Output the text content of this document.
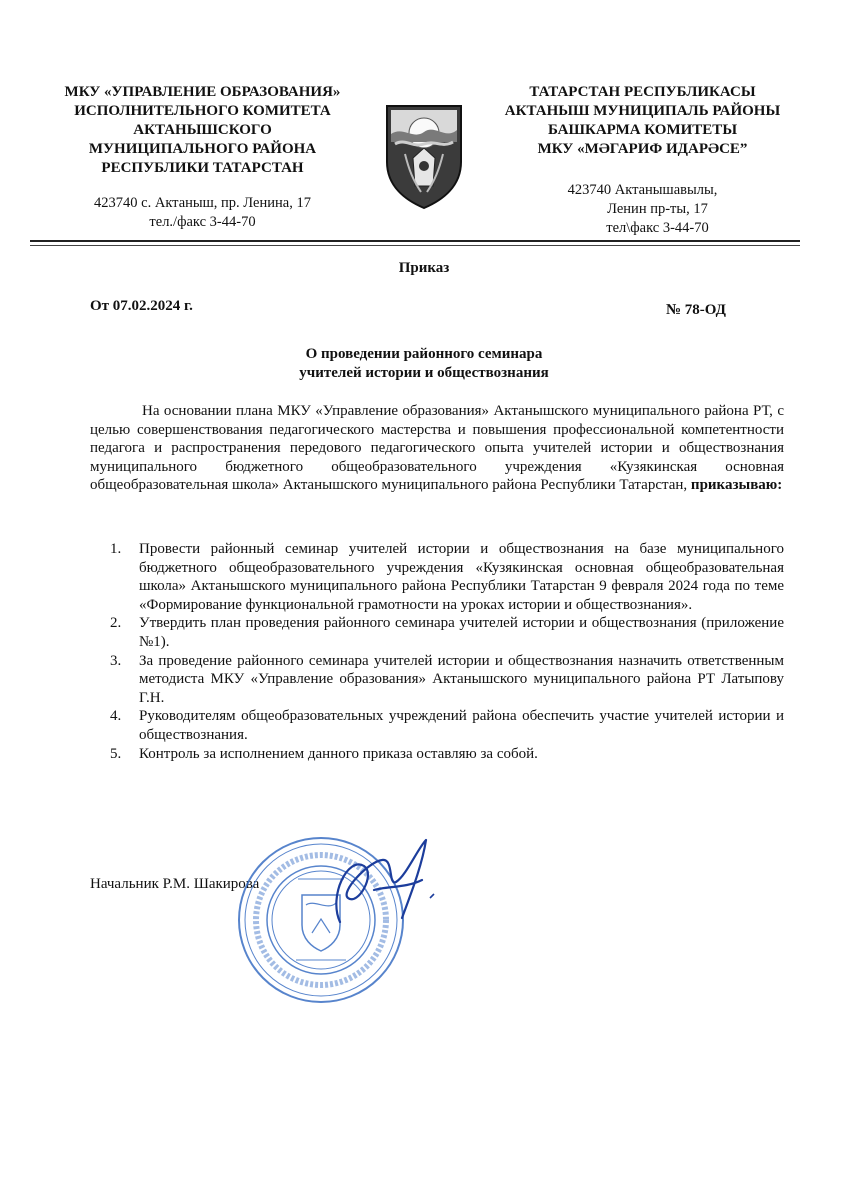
МКУ «УПРАВЛЕНИЕ ОБРАЗОВАНИЯ»
ИСПОЛНИТЕЛЬНОГО КОМИТЕТА
АКТАНЫШСКОГО
МУНИЦИПАЛЬНОГО РАЙОНА
РЕСПУБЛИКИ ТАТАРСТАН
423740 с. Актаныш, пр. Ленина, 17
тел./факс 3-44-70
ТАТАРСТАН РЕСПУБЛИКАСЫ
АКТАНЫШ МУНИЦИПАЛЬ РАЙОНЫ
БАШКАРМА КОМИТЕТЫ
МКУ «МӘГАРИФ ИДАРӘСЕ”
423740 Актанышавылы,
Ленин пр-ты, 17
тел\факс 3-44-70
Приказ
От 07.02.2024 г.	№ 78-ОД
О проведении районного семинара
учителей истории и обществознания
На основании плана МКУ «Управление образования» Актанышского муниципального района РТ, с целью совершенствования педагогического мастерства и повышения профессиональной компетентности педагога и распространения передового педагогического опыта учителей истории и обществознания муниципального бюджетного общеобразовательного учреждения «Кузякинская основная общеобразовательная школа» Актанышского муниципального района Республики Татарстан, приказываю:
1. Провести районный семинар учителей истории и обществознания на базе муниципального бюджетного общеобразовательного учреждения «Кузякинская основная общеобразовательная школа» Актанышского муниципального района Республики Татарстан 9 февраля 2024 года по теме «Формирование функциональной грамотности на уроках истории и обществознания».
2. Утвердить план проведения районного семинара учителей истории и обществознания (приложение №1).
3. За проведение районного семинара учителей истории и обществознания назначить ответственным методиста МКУ «Управление образования» Актанышского муниципального района РТ Латыпову Г.Н.
4. Руководителям общеобразовательных учреждений района обеспечить участие учителей истории и обществознания.
5. Контроль за исполнением данного приказа оставляю за собой.
Начальник Р.М. Шакирова
